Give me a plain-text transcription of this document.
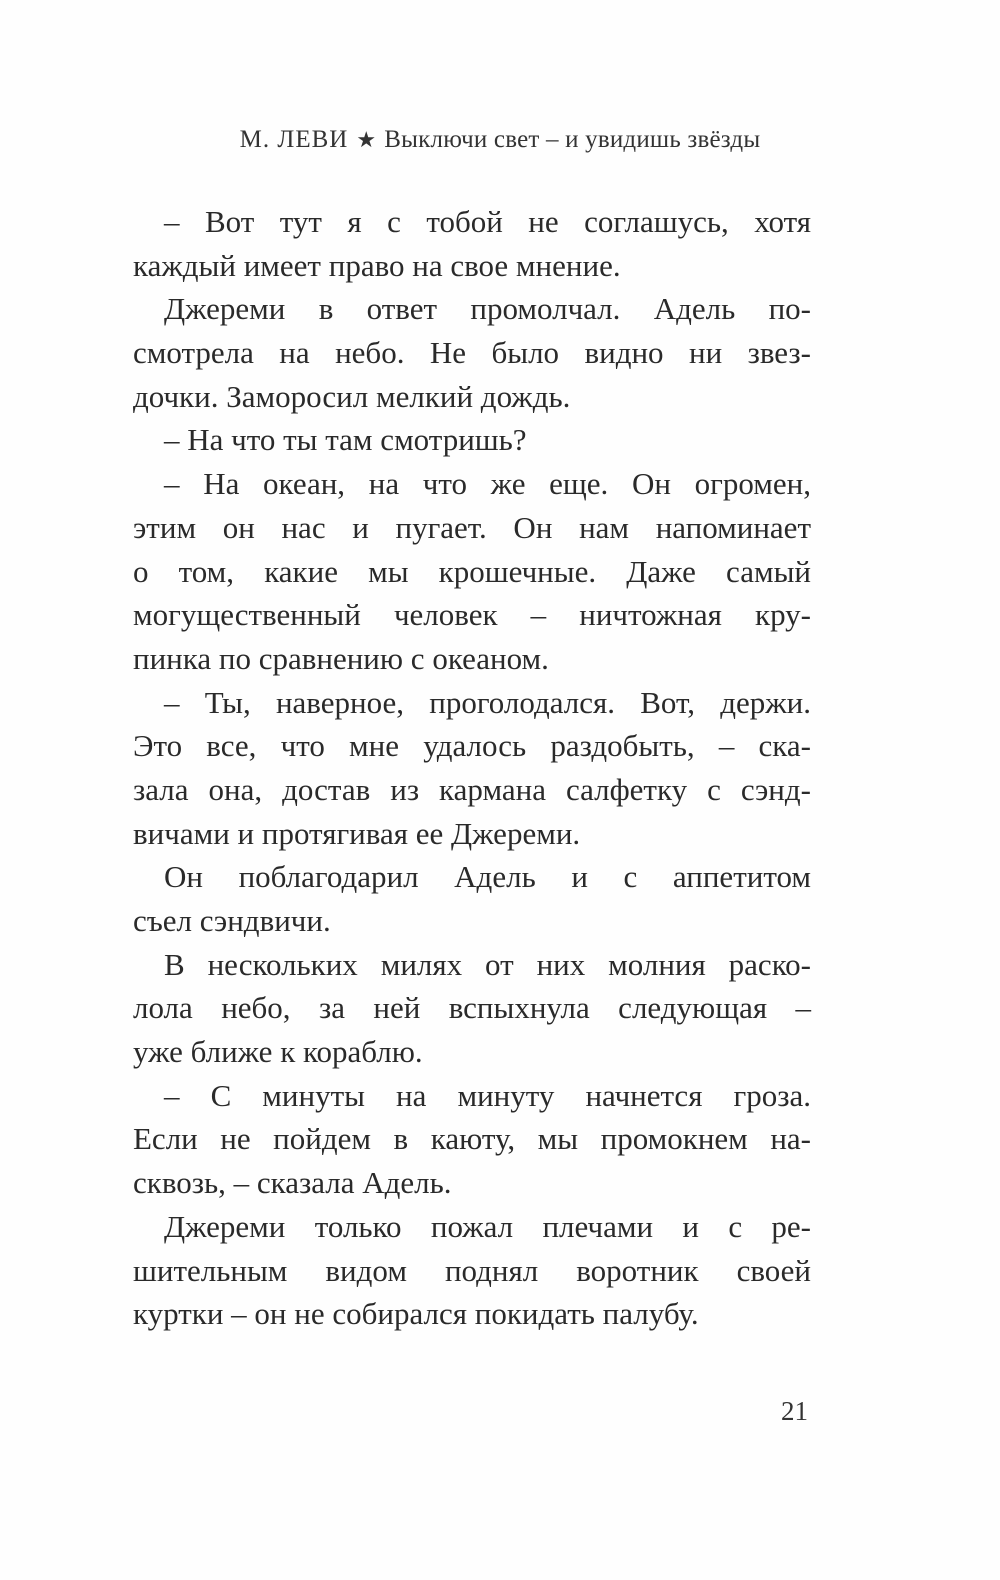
М. ЛЕВИ ★ Выключи свет – и увидишь звёзды
– Вот тут я с тобой не соглашусь, хотя
каждый имеет право на свое мнение.
Джереми в ответ промолчал. Адель по-
смотрела на небо. Не было видно ни звез-
дочки. Заморосил мелкий дождь.
– На что ты там смотришь?
– На океан, на что же еще. Он огромен,
этим он нас и пугает. Он нам напоминает
о том, какие мы крошечные. Даже самый
могущественный человек – ничтожная кру-
пинка по сравнению с океаном.
– Ты, наверное, проголодался. Вот, держи.
Это все, что мне удалось раздобыть, – ска-
зала она, достав из кармана салфетку с сэнд-
вичами и протягивая ее Джереми.
Он поблагодарил Адель и с аппетитом
съел сэндвичи.
В нескольких милях от них молния раско-
лола небо, за ней вспыхнула следующая –
уже ближе к кораблю.
– С минуты на минуту начнется гроза.
Если не пойдем в каюту, мы промокнем на-
сквозь, – сказала Адель.
Джереми только пожал плечами и с ре-
шительным видом поднял воротник своей
куртки – он не собирался покидать палубу.
21
